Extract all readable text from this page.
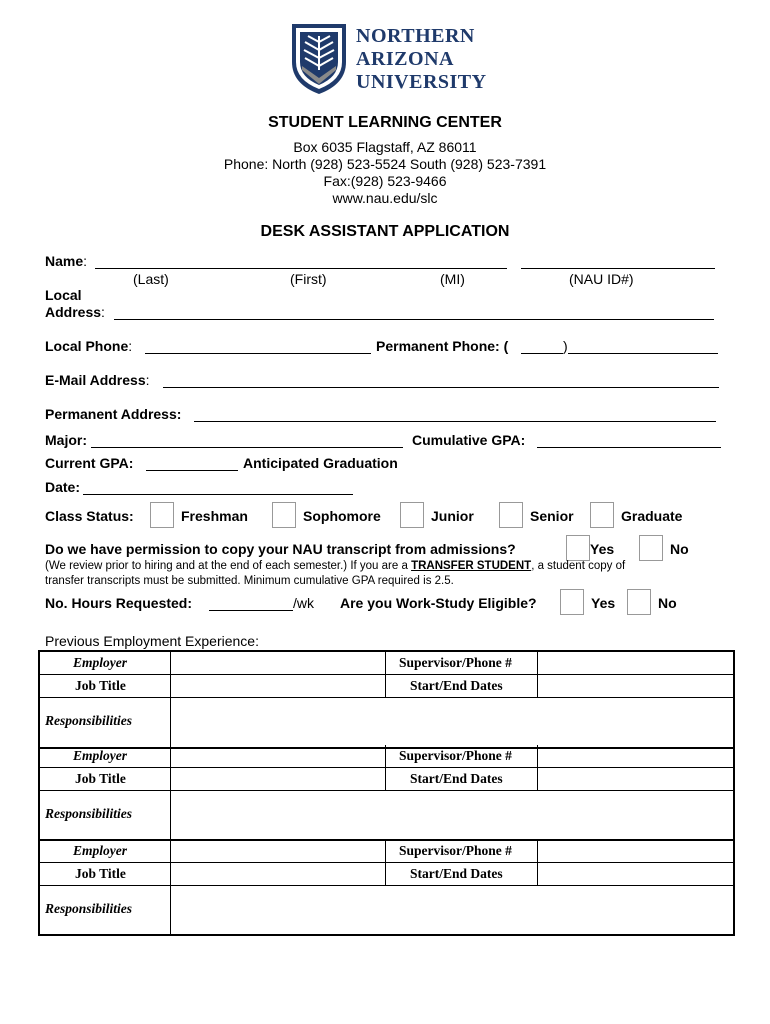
NORTHERN
ARIZONA
UNIVERSITY
STUDENT LEARNING CENTER
Box 6035 Flagstaff, AZ 86011
Phone: North (928) 523-5524 South (928) 523-7391
Fax:(928) 523-9466
www.nau.edu/slc
DESK ASSISTANT APPLICATION
Name:
(Last)	(First)	(MI)	(NAU ID#)
Local
Address:
Local Phone:	Permanent Phone: (	)
E-Mail Address:
Permanent Address:
Major:	Cumulative GPA:
Current GPA:	Anticipated Graduation
Date:
Class Status:	Freshman	Sophomore	Junior	Senior	Graduate
Do we have permission to copy your NAU transcript from admissions?	Yes	No
(We review prior to hiring and at the end of each semester.) If you are a TRANSFER STUDENT, a student copy of
transfer transcripts must be submitted. Minimum cumulative GPA required is 2.5.
No. Hours Requested:	/wk Are you Work-Study Eligible?	Yes	No
Previous Employment Experience:
Employer	Supervisor/Phone #
Job Title	Start/End Dates
Responsibilities
Employer	Supervisor/Phone #
Job Title	Start/End Dates
Responsibilities
Employer	Supervisor/Phone #
Job Title	Start/End Dates
Responsibilities
